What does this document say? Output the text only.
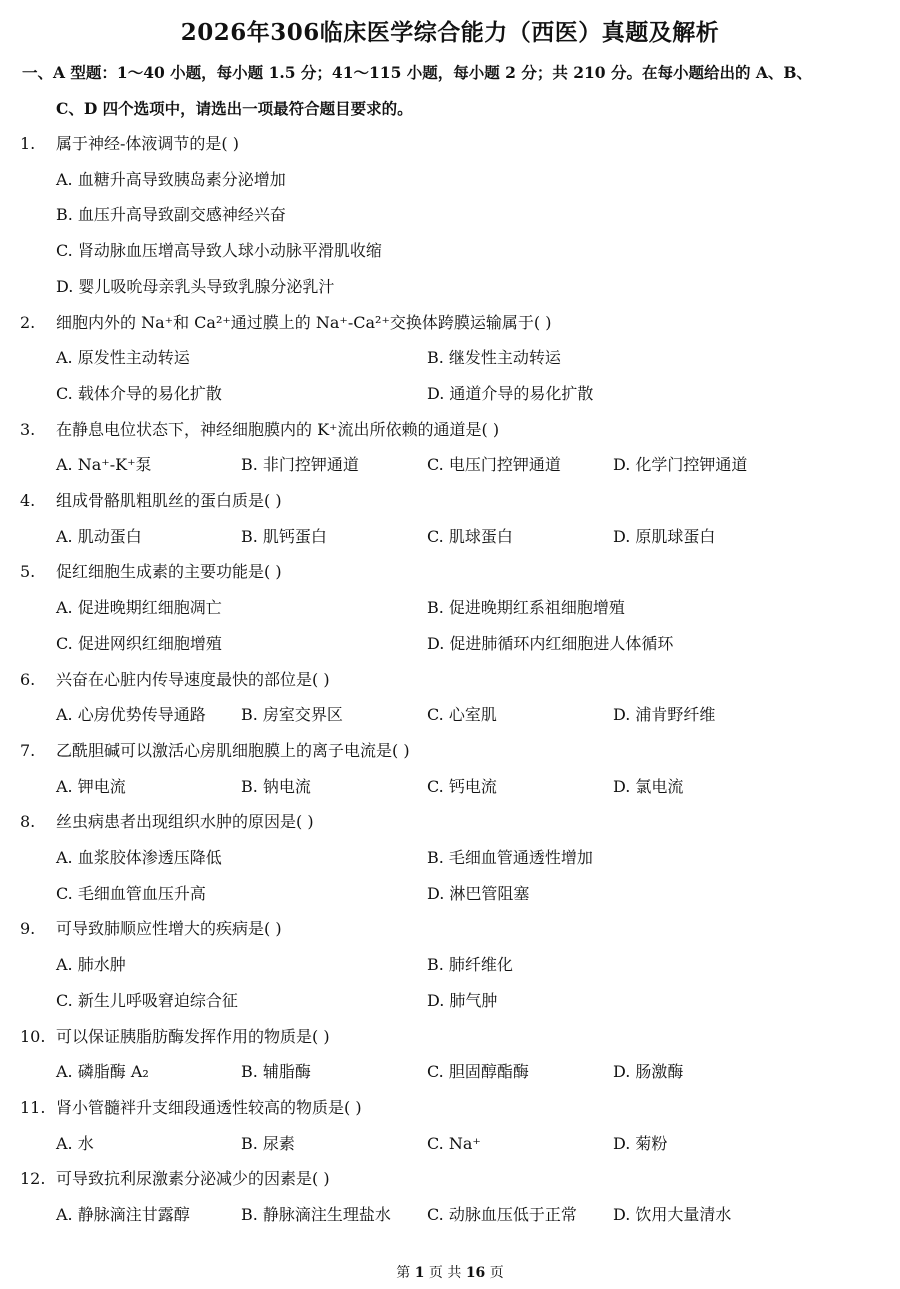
2026年306临床医学综合能力（西医）真题及解析
一、A 型题：1～40 小题，每小题 1.5 分；41～115 小题，每小题 2 分；共 210 分。在每小题给出的 A、B、
C、D 四个选项中，请选出一项最符合题目要求的。
1. 属于神经-体液调节的是( )
A. 血糖升高导致胰岛素分泌增加
B. 血压升高导致副交感神经兴奋
C. 肾动脉血压增高导致人球小动脉平滑肌收缩
D. 婴儿吸吮母亲乳头导致乳腺分泌乳汁
2. 细胞内外的 Na⁺和 Ca²⁺通过膜上的 Na⁺-Ca²⁺交换体跨膜运输属于( )
A. 原发性主动转运	B. 继发性主动转运
C. 载体介导的易化扩散	D. 通道介导的易化扩散
3. 在静息电位状态下，神经细胞膜内的 K⁺流出所依赖的通道是( )
A. Na⁺-K⁺泵	B. 非门控钾通道	C. 电压门控钾通道	D. 化学门控钾通道
4. 组成骨骼肌粗肌丝的蛋白质是( )
A. 肌动蛋白	B. 肌钙蛋白	C. 肌球蛋白	D. 原肌球蛋白
5. 促红细胞生成素的主要功能是( )
A. 促进晚期红细胞凋亡	B. 促进晚期红系祖细胞增殖
C. 促进网织红细胞增殖	D. 促进肺循环内红细胞进人体循环
6. 兴奋在心脏内传导速度最快的部位是( )
A. 心房优势传导通路 B. 房室交界区	C. 心室肌	D. 浦肯野纤维
7. 乙酰胆碱可以激活心房肌细胞膜上的离子电流是( )
A. 钾电流	B. 钠电流	C. 钙电流	D. 氯电流
8. 丝虫病患者出现组织水肿的原因是( )
A. 血浆胶体渗透压降低	B. 毛细血管通透性增加
C. 毛细血管血压升高	D. 淋巴管阻塞
9. 可导致肺顺应性增大的疾病是( )
A. 肺水肿	B. 肺纤维化
C. 新生儿呼吸窘迫综合征	D. 肺气肿
10. 可以保证胰脂肪酶发挥作用的物质是( )
A. 磷脂酶 A₂	B. 辅脂酶	C. 胆固醇酯酶	D. 肠激酶
11. 肾小管髓袢升支细段通透性较高的物质是( )
A. 水	B. 尿素	C. Na⁺	D. 菊粉
12. 可导致抗利尿激素分泌减少的因素是( )
A. 静脉滴注甘露醇	B. 静脉滴注生理盐水 C. 动脉血压低于正常 D. 饮用大量清水
第 1 页 共 16 页
